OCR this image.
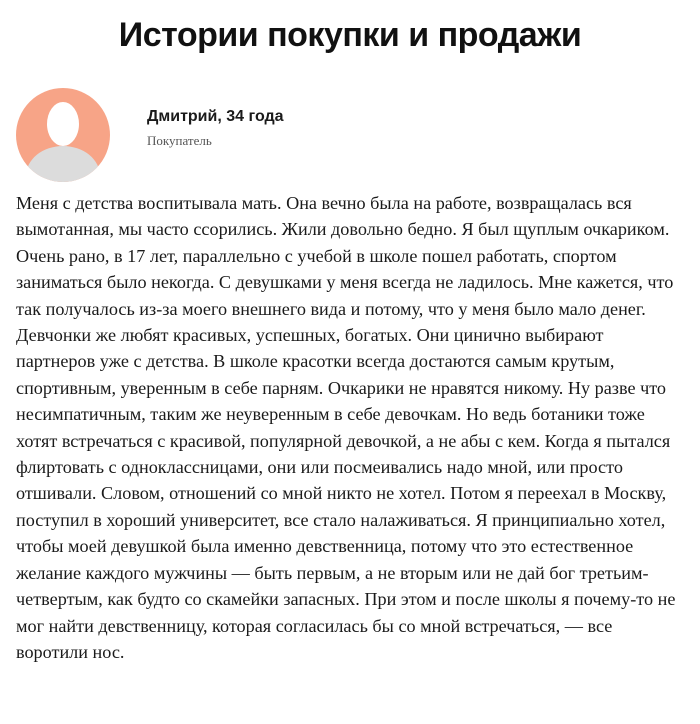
Истории покупки и продажи
Дмитрий, 34 года
Покупатель

Меня с детства воспитывала мать. Она вечно была на работе, возвращалась вся вымотанная, мы часто ссорились. Жили довольно бедно. Я был щуплым очкариком. Очень рано, в 17 лет, параллельно с учебой в школе пошел работать, спортом заниматься было некогда. С девушками у меня всегда не ладилось. Мне кажется, что так получалось из-за моего внешнего вида и потому, что у меня было мало денег. Девчонки же любят красивых, успешных, богатых. Они цинично выбирают партнеров уже с детства. В школе красотки всегда достаются самым крутым, спортивным, уверенным в себе парням. Очкарики не нравятся никому. Ну разве что несимпатичным, таким же неуверенным в себе девочкам. Но ведь ботаники тоже хотят встречаться с красивой, популярной девочкой, а не абы с кем. Когда я пытался флиртовать с одноклассницами, они или посмеивались надо мной, или просто отшивали. Словом, отношений со мной никто не хотел. Потом я переехал в Москву, поступил в хороший университет, все стало налаживаться. Я принципиально хотел, чтобы моей девушкой была именно девственница, потому что это естественное желание каждого мужчины — быть первым, а не вторым или не дай бог третьим-четвертым, как будто со скамейки запасных. При этом и после школы я почему-то не мог найти девственницу, которая согласилась бы со мной встречаться, — все воротили нос.
